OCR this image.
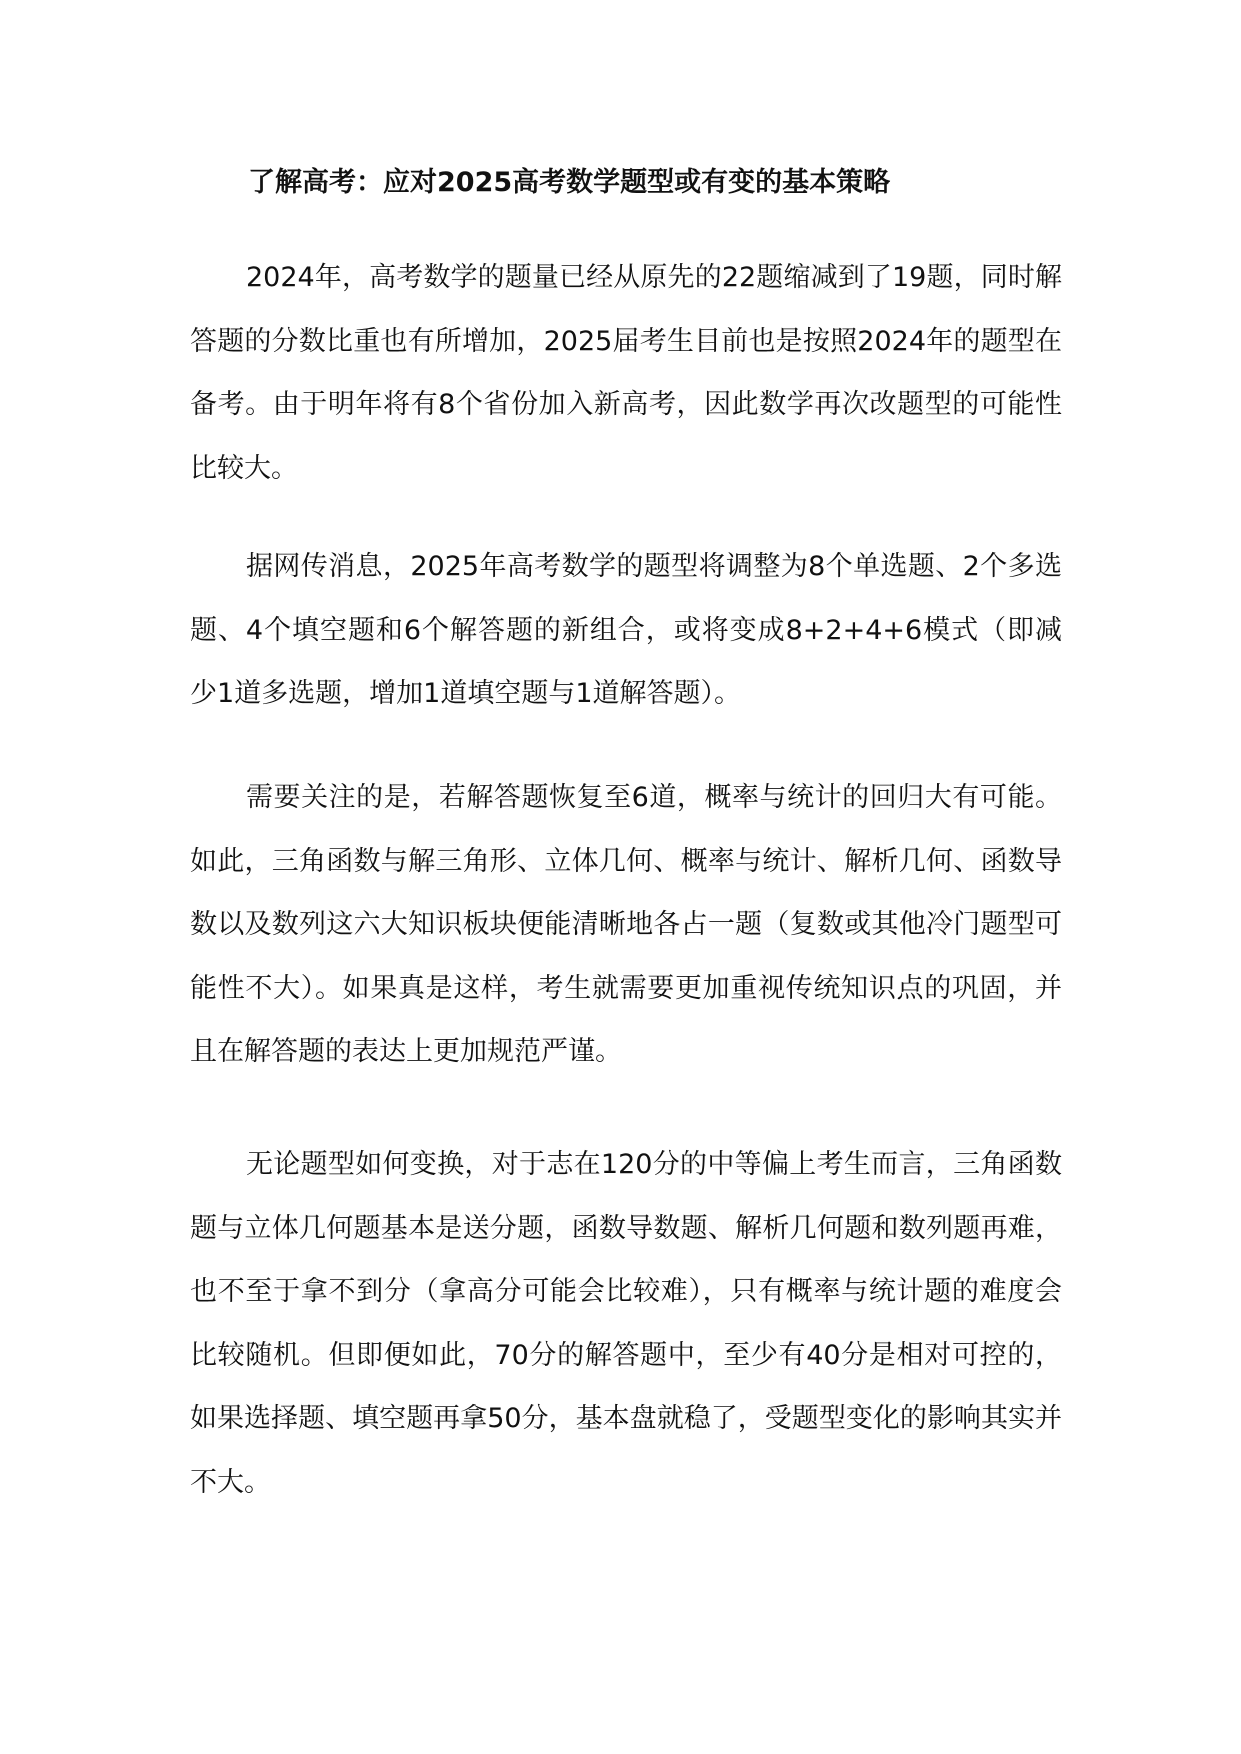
了解高考：应对2025高考数学题型或有变的基本策略

2024年，高考数学的题量已经从原先的22题缩减到了19题，同时解答题的分数比重也有所增加，2025届考生目前也是按照2024年的题型在备考。由于明年将有8个省份加入新高考，因此数学再次改题型的可能性比较大。

据网传消息，2025年高考数学的题型将调整为8个单选题、2个多选题、4个填空题和6个解答题的新组合，或将变成8+2+4+6模式（即减少1道多选题，增加1道填空题与1道解答题）。

需要关注的是，若解答题恢复至6道，概率与统计的回归大有可能。如此，三角函数与解三角形、立体几何、概率与统计、解析几何、函数导数以及数列这六大知识板块便能清晰地各占一题（复数或其他冷门题型可能性不大）。如果真是这样，考生就需要更加重视传统知识点的巩固，并且在解答题的表达上更加规范严谨。

无论题型如何变换，对于志在120分的中等偏上考生而言，三角函数题与立体几何题基本是送分题，函数导数题、解析几何题和数列题再难，也不至于拿不到分（拿高分可能会比较难），只有概率与统计题的难度会比较随机。但即便如此，70分的解答题中，至少有40分是相对可控的，如果选择题、填空题再拿50分，基本盘就稳了，受题型变化的影响其实并不大。
